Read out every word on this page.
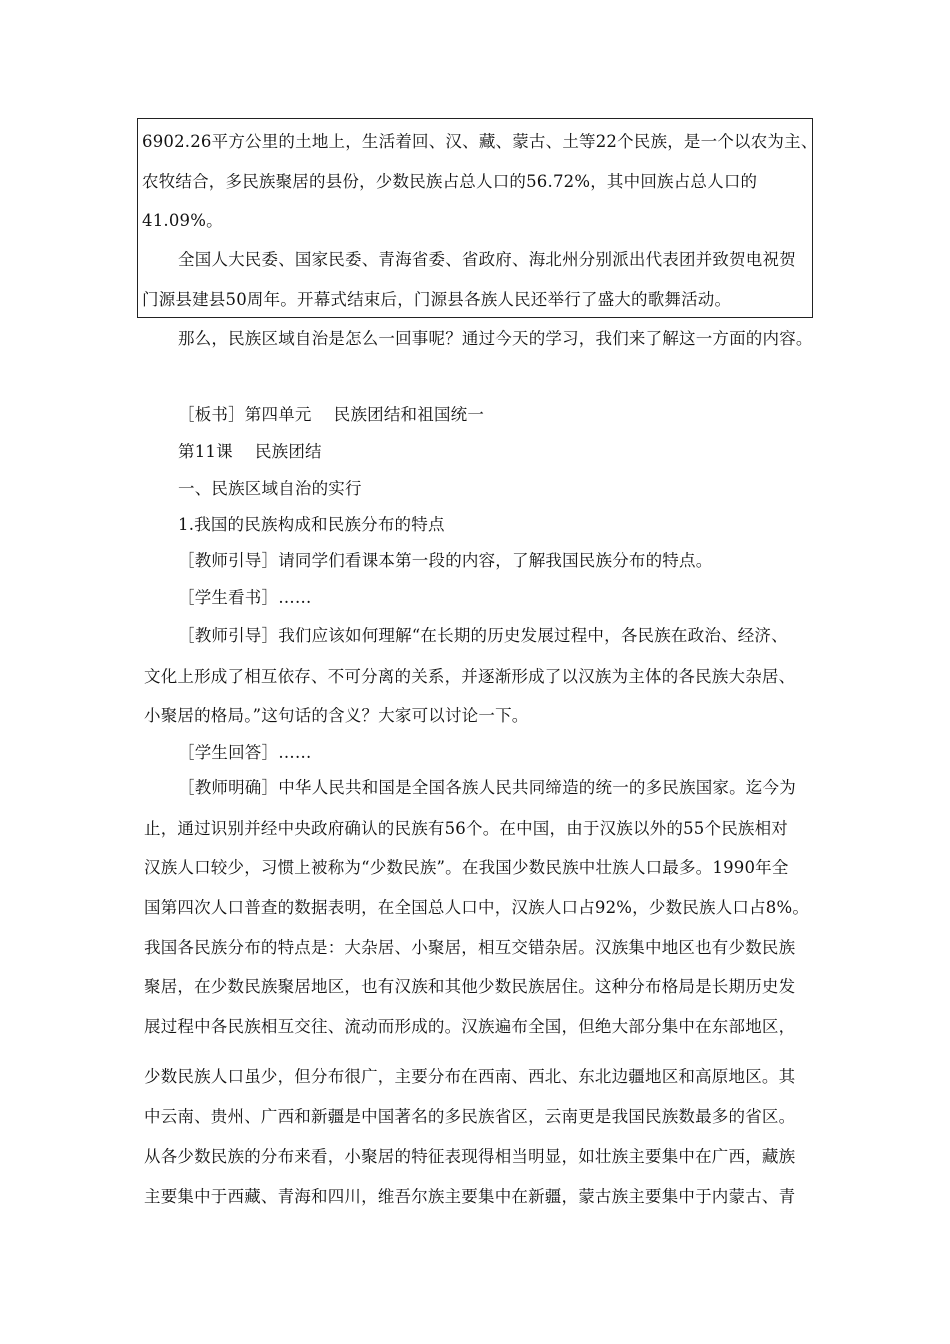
6902.26平方公里的土地上，生活着回、汉、藏、蒙古、土等22个民族，是一个以农为主、
农牧结合，多民族聚居的县份，少数民族占总人口的56.72%，其中回族占总人口的
41.09%。
全国人大民委、国家民委、青海省委、省政府、海北州分别派出代表团并致贺电祝贺
门源县建县50周年。开幕式结束后，门源县各族人民还举行了盛大的歌舞活动。
那么，民族区域自治是怎么一回事呢？通过今天的学习，我们来了解这一方面的内容。
［板书］第四单元　 民族团结和祖国统一
第11课　 民族团结
一、民族区域自治的实行
1.我国的民族构成和民族分布的特点
［教师引导］请同学们看课本第一段的内容，了解我国民族分布的特点。
［学生看书］……
［教师引导］我们应该如何理解“在长期的历史发展过程中，各民族在政治、经济、
文化上形成了相互依存、不可分离的关系，并逐渐形成了以汉族为主体的各民族大杂居、
小聚居的格局。”这句话的含义？大家可以讨论一下。
［学生回答］……
［教师明确］中华人民共和国是全国各族人民共同缔造的统一的多民族国家。迄今为
止，通过识别并经中央政府确认的民族有56个。在中国，由于汉族以外的55个民族相对
汉族人口较少，习惯上被称为“少数民族”。在我国少数民族中壮族人口最多。1990年全
国第四次人口普查的数据表明，在全国总人口中，汉族人口占92%，少数民族人口占8%。
我国各民族分布的特点是：大杂居、小聚居，相互交错杂居。汉族集中地区也有少数民族
聚居，在少数民族聚居地区，也有汉族和其他少数民族居住。这种分布格局是长期历史发
展过程中各民族相互交往、流动而形成的。汉族遍布全国，但绝大部分集中在东部地区，
少数民族人口虽少，但分布很广，主要分布在西南、西北、东北边疆地区和高原地区。其
中云南、贵州、广西和新疆是中国著名的多民族省区，云南更是我国民族数最多的省区。
从各少数民族的分布来看，小聚居的特征表现得相当明显，如壮族主要集中在广西，藏族
主要集中于西藏、青海和四川，维吾尔族主要集中在新疆，蒙古族主要集中于内蒙古、青
